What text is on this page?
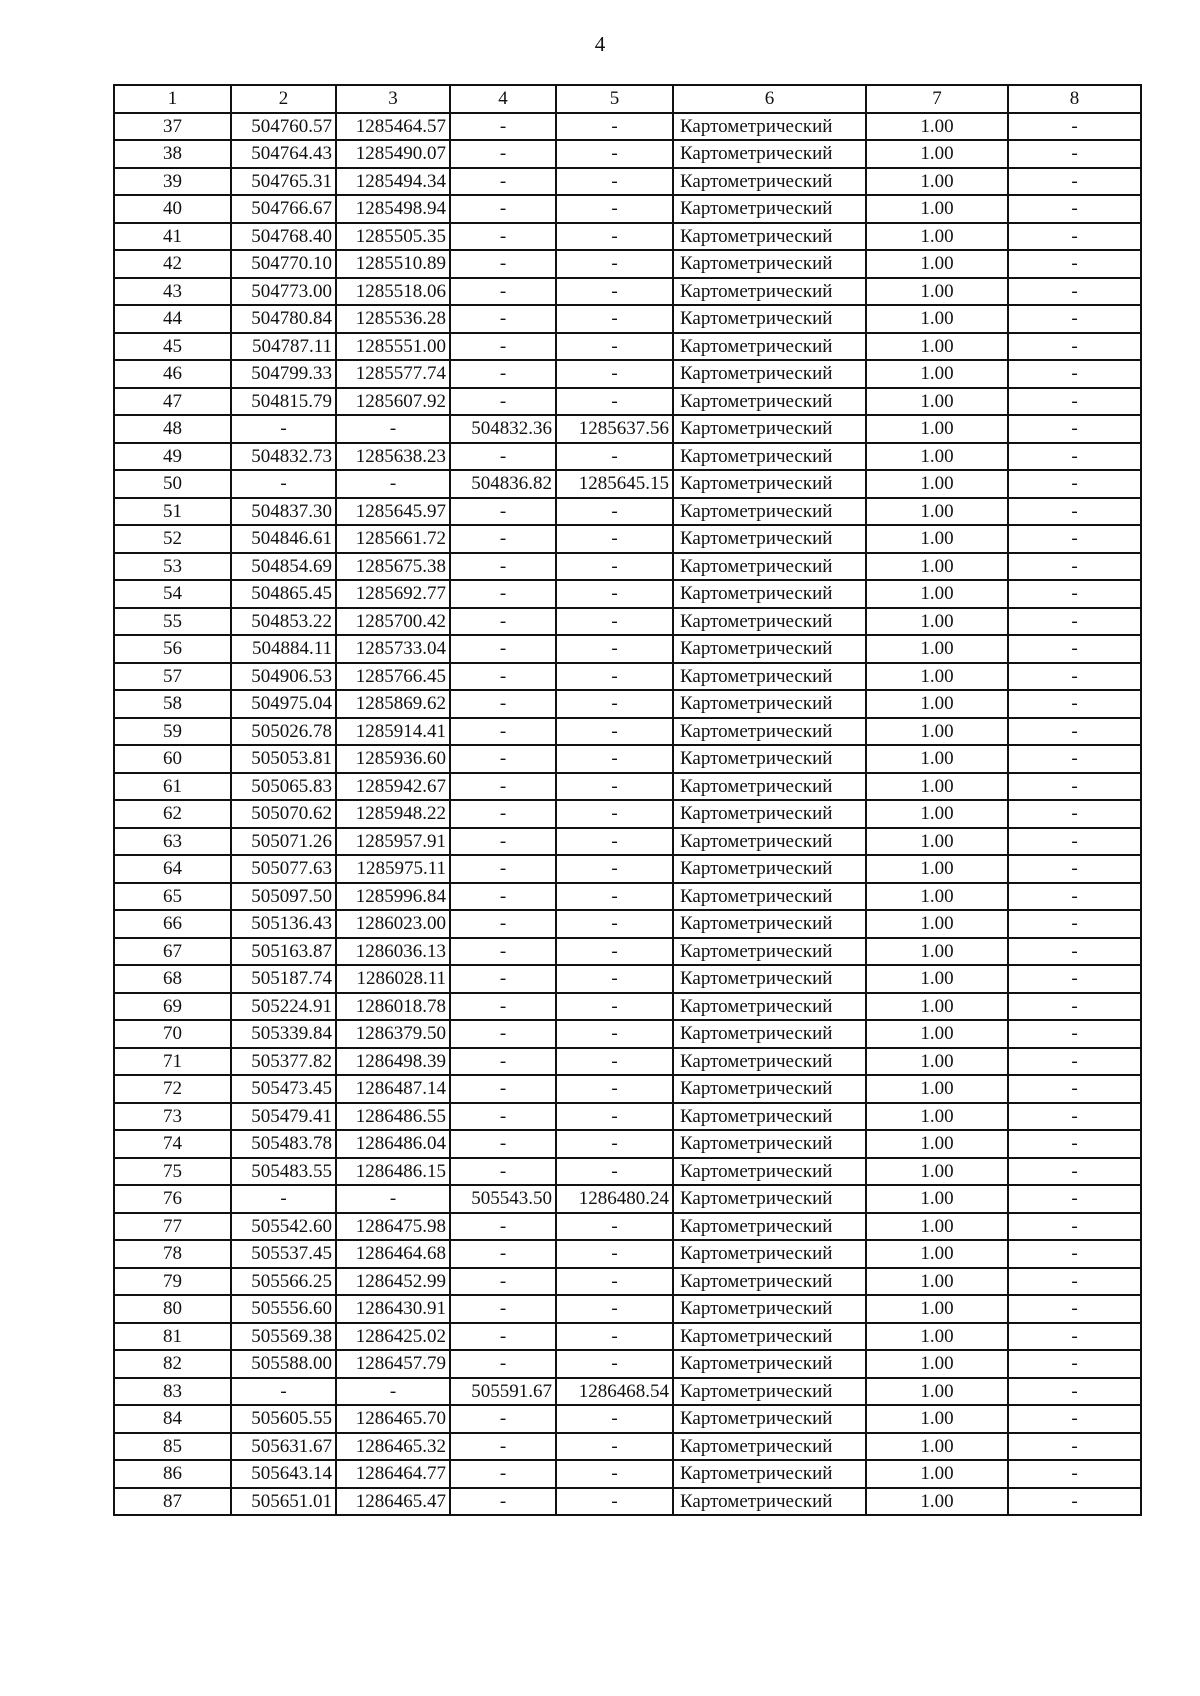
4
1	2	3	4	5	6	7	8
37	504760.57	1285464.57	-	-	Картометрический	1.00	-
38	504764.43	1285490.07	-	-	Картометрический	1.00	-
39	504765.31	1285494.34	-	-	Картометрический	1.00	-
40	504766.67	1285498.94	-	-	Картометрический	1.00	-
41	504768.40	1285505.35	-	-	Картометрический	1.00	-
42	504770.10	1285510.89	-	-	Картометрический	1.00	-
43	504773.00	1285518.06	-	-	Картометрический	1.00	-
44	504780.84	1285536.28	-	-	Картометрический	1.00	-
45	504787.11	1285551.00	-	-	Картометрический	1.00	-
46	504799.33	1285577.74	-	-	Картометрический	1.00	-
47	504815.79	1285607.92	-	-	Картометрический	1.00	-
48	-	-	504832.36	1285637.56	Картометрический	1.00	-
49	504832.73	1285638.23	-	-	Картометрический	1.00	-
50	-	-	504836.82	1285645.15	Картометрический	1.00	-
51	504837.30	1285645.97	-	-	Картометрический	1.00	-
52	504846.61	1285661.72	-	-	Картометрический	1.00	-
53	504854.69	1285675.38	-	-	Картометрический	1.00	-
54	504865.45	1285692.77	-	-	Картометрический	1.00	-
55	504853.22	1285700.42	-	-	Картометрический	1.00	-
56	504884.11	1285733.04	-	-	Картометрический	1.00	-
57	504906.53	1285766.45	-	-	Картометрический	1.00	-
58	504975.04	1285869.62	-	-	Картометрический	1.00	-
59	505026.78	1285914.41	-	-	Картометрический	1.00	-
60	505053.81	1285936.60	-	-	Картометрический	1.00	-
61	505065.83	1285942.67	-	-	Картометрический	1.00	-
62	505070.62	1285948.22	-	-	Картометрический	1.00	-
63	505071.26	1285957.91	-	-	Картометрический	1.00	-
64	505077.63	1285975.11	-	-	Картометрический	1.00	-
65	505097.50	1285996.84	-	-	Картометрический	1.00	-
66	505136.43	1286023.00	-	-	Картометрический	1.00	-
67	505163.87	1286036.13	-	-	Картометрический	1.00	-
68	505187.74	1286028.11	-	-	Картометрический	1.00	-
69	505224.91	1286018.78	-	-	Картометрический	1.00	-
70	505339.84	1286379.50	-	-	Картометрический	1.00	-
71	505377.82	1286498.39	-	-	Картометрический	1.00	-
72	505473.45	1286487.14	-	-	Картометрический	1.00	-
73	505479.41	1286486.55	-	-	Картометрический	1.00	-
74	505483.78	1286486.04	-	-	Картометрический	1.00	-
75	505483.55	1286486.15	-	-	Картометрический	1.00	-
76	-	-	505543.50	1286480.24	Картометрический	1.00	-
77	505542.60	1286475.98	-	-	Картометрический	1.00	-
78	505537.45	1286464.68	-	-	Картометрический	1.00	-
79	505566.25	1286452.99	-	-	Картометрический	1.00	-
80	505556.60	1286430.91	-	-	Картометрический	1.00	-
81	505569.38	1286425.02	-	-	Картометрический	1.00	-
82	505588.00	1286457.79	-	-	Картометрический	1.00	-
83	-	-	505591.67	1286468.54	Картометрический	1.00	-
84	505605.55	1286465.70	-	-	Картометрический	1.00	-
85	505631.67	1286465.32	-	-	Картометрический	1.00	-
86	505643.14	1286464.77	-	-	Картометрический	1.00	-
87	505651.01	1286465.47	-	-	Картометрический	1.00	-
